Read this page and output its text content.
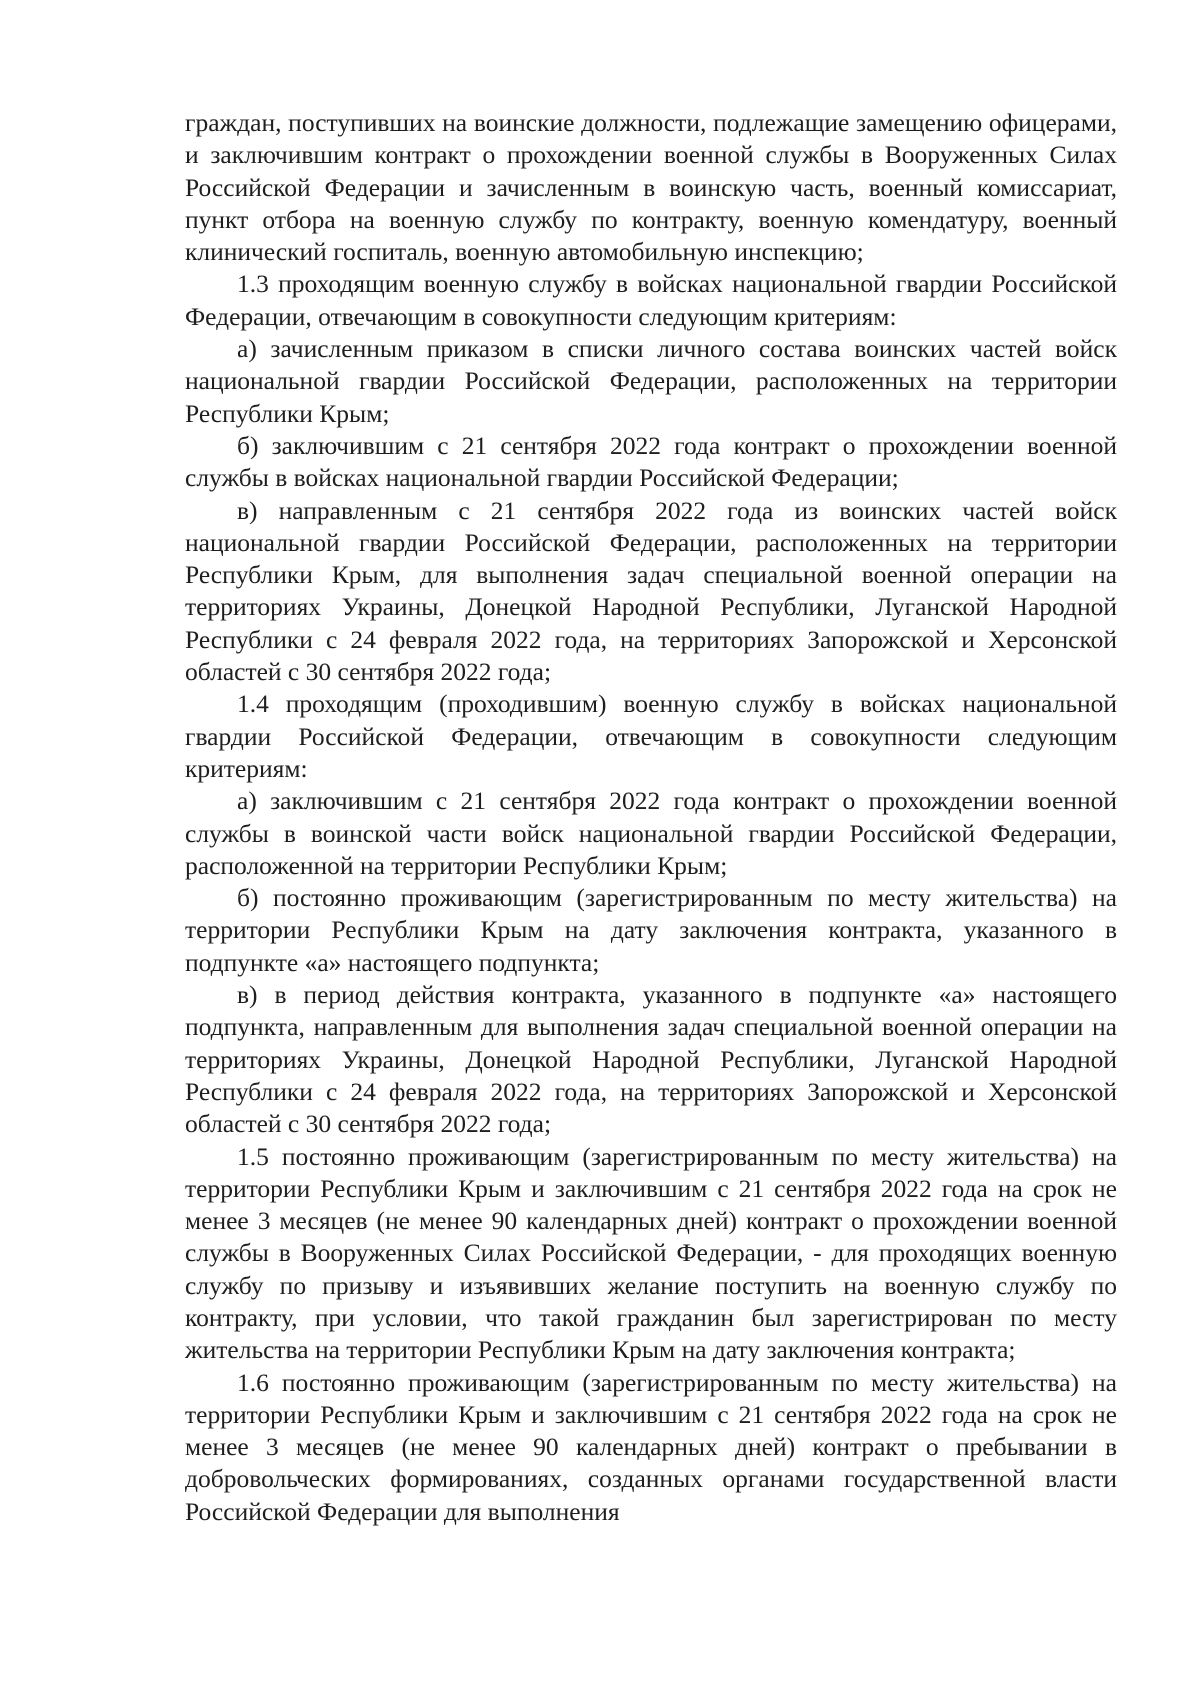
граждан, поступивших на воинские должности, подлежащие замещению офицерами, и заключившим контракт о прохождении военной службы в Вооруженных Силах Российской Федерации и зачисленным в воинскую часть, военный комиссариат, пункт отбора на военную службу по контракту, военную комендатуру, военный клинический госпиталь, военную автомобильную инспекцию;

1.3 проходящим военную службу в войсках национальной гвардии Российской Федерации, отвечающим в совокупности следующим критериям:

а) зачисленным приказом в списки личного состава воинских частей войск национальной гвардии Российской Федерации, расположенных на территории Республики Крым;

б) заключившим с 21 сентября 2022 года контракт о прохождении военной службы в войсках национальной гвардии Российской Федерации;

в) направленным с 21 сентября 2022 года из воинских частей войск национальной гвардии Российской Федерации, расположенных на территории Республики Крым, для выполнения задач специальной военной операции на территориях Украины, Донецкой Народной Республики, Луганской Народной Республики с 24 февраля 2022 года, на территориях Запорожской и Херсонской областей с 30 сентября 2022 года;

1.4 проходящим (проходившим) военную службу в войсках национальной гвардии Российской Федерации, отвечающим в совокупности следующим критериям:

а) заключившим с 21 сентября 2022 года контракт о прохождении военной службы в воинской части войск национальной гвардии Российской Федерации, расположенной на территории Республики Крым;

б) постоянно проживающим (зарегистрированным по месту жительства) на территории Республики Крым на дату заключения контракта, указанного в подпункте «а» настоящего подпункта;

в) в период действия контракта, указанного в подпункте «а» настоящего подпункта, направленным для выполнения задач специальной военной операции на территориях Украины, Донецкой Народной Республики, Луганской Народной Республики с 24 февраля 2022 года, на территориях Запорожской и Херсонской областей с 30 сентября 2022 года;

1.5 постоянно проживающим (зарегистрированным по месту жительства) на территории Республики Крым и заключившим с 21 сентября 2022 года на срок не менее 3 месяцев (не менее 90 календарных дней) контракт о прохождении военной службы в Вооруженных Силах Российской Федерации, - для проходящих военную службу по призыву и изъявивших желание поступить на военную службу по контракту, при условии, что такой гражданин был зарегистрирован по месту жительства на территории Республики Крым на дату заключения контракта;

1.6 постоянно проживающим (зарегистрированным по месту жительства) на территории Республики Крым и заключившим с 21 сентября 2022 года на срок не менее 3 месяцев (не менее 90 календарных дней) контракт о пребывании в добровольческих формированиях, созданных органами государственной власти Российской Федерации для выполнения
